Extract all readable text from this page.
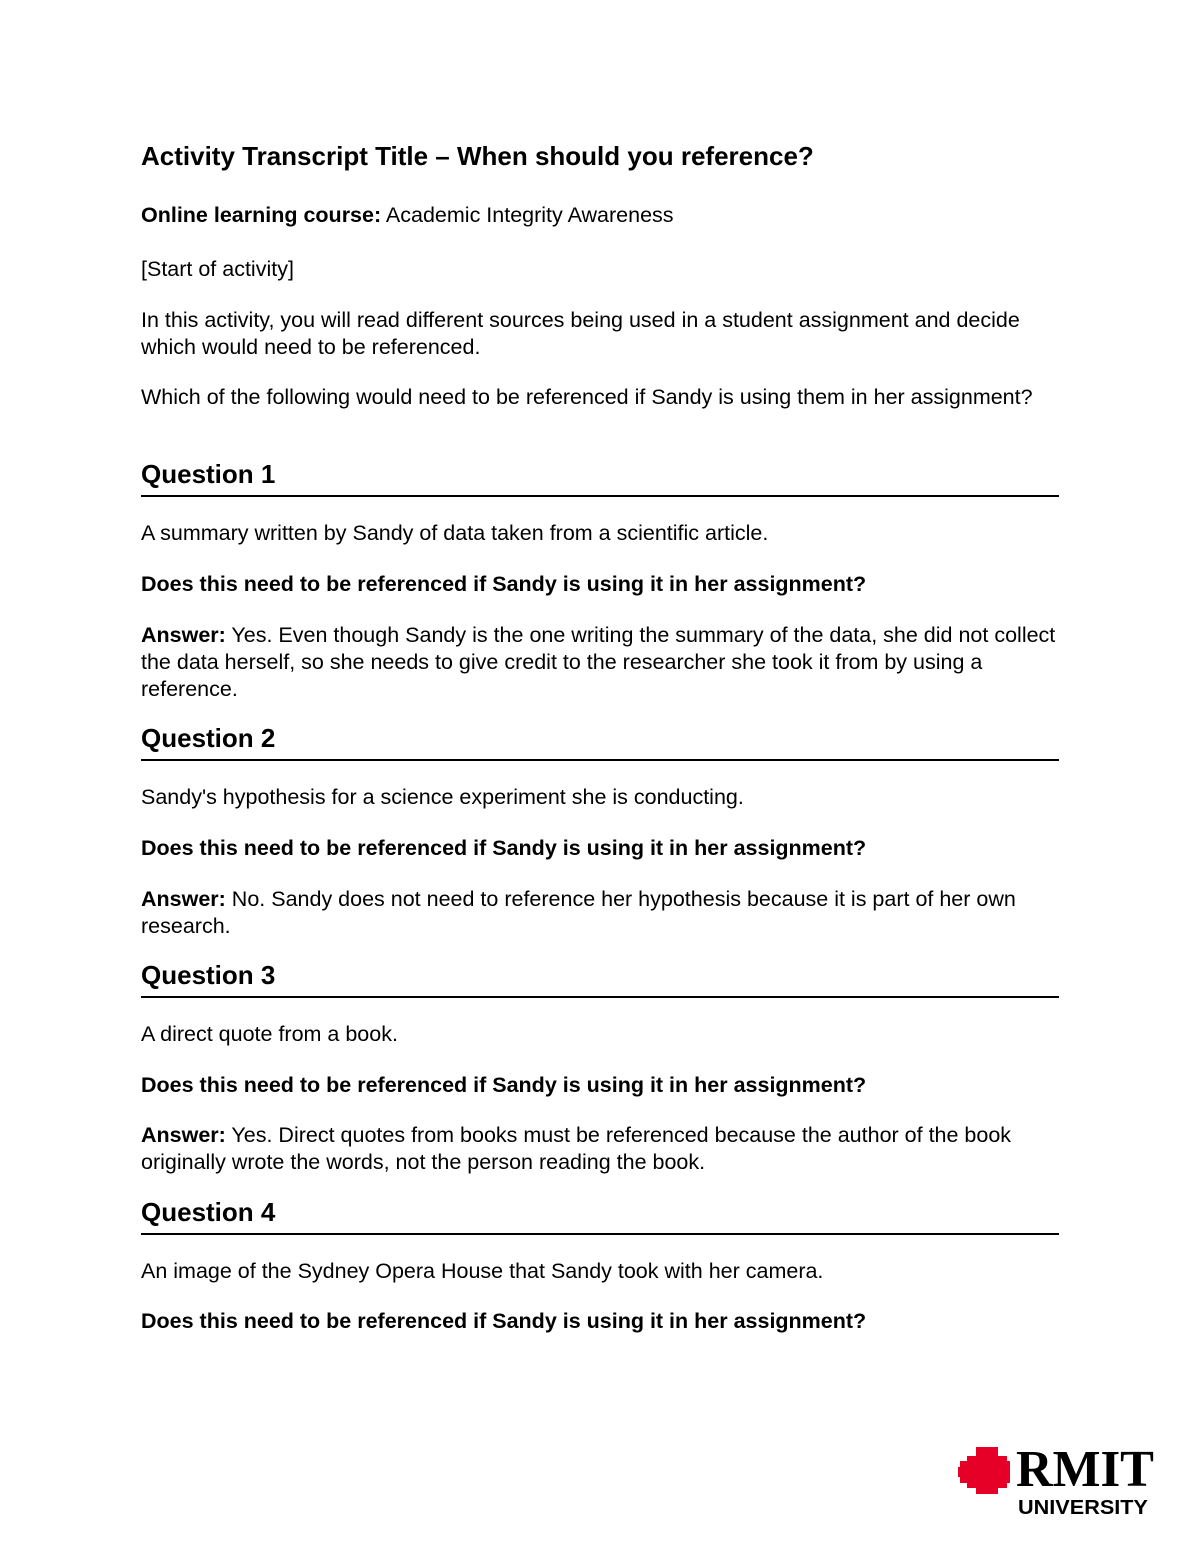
Activity Transcript Title – When should you reference?

Online learning course: Academic Integrity Awareness

[Start of activity]

In this activity, you will read different sources being used in a student assignment and decide which would need to be referenced.

Which of the following would need to be referenced if Sandy is using them in her assignment?

Question 1

A summary written by Sandy of data taken from a scientific article.

Does this need to be referenced if Sandy is using it in her assignment?

Answer: Yes. Even though Sandy is the one writing the summary of the data, she did not collect the data herself, so she needs to give credit to the researcher she took it from by using a reference.

Question 2

Sandy's hypothesis for a science experiment she is conducting.

Does this need to be referenced if Sandy is using it in her assignment?

Answer: No. Sandy does not need to reference her hypothesis because it is part of her own research.

Question 3

A direct quote from a book.

Does this need to be referenced if Sandy is using it in her assignment?

Answer: Yes. Direct quotes from books must be referenced because the author of the book originally wrote the words, not the person reading the book.

Question 4

An image of the Sydney Opera House that Sandy took with her camera.

Does this need to be referenced if Sandy is using it in her assignment?

RMIT
UNIVERSITY
